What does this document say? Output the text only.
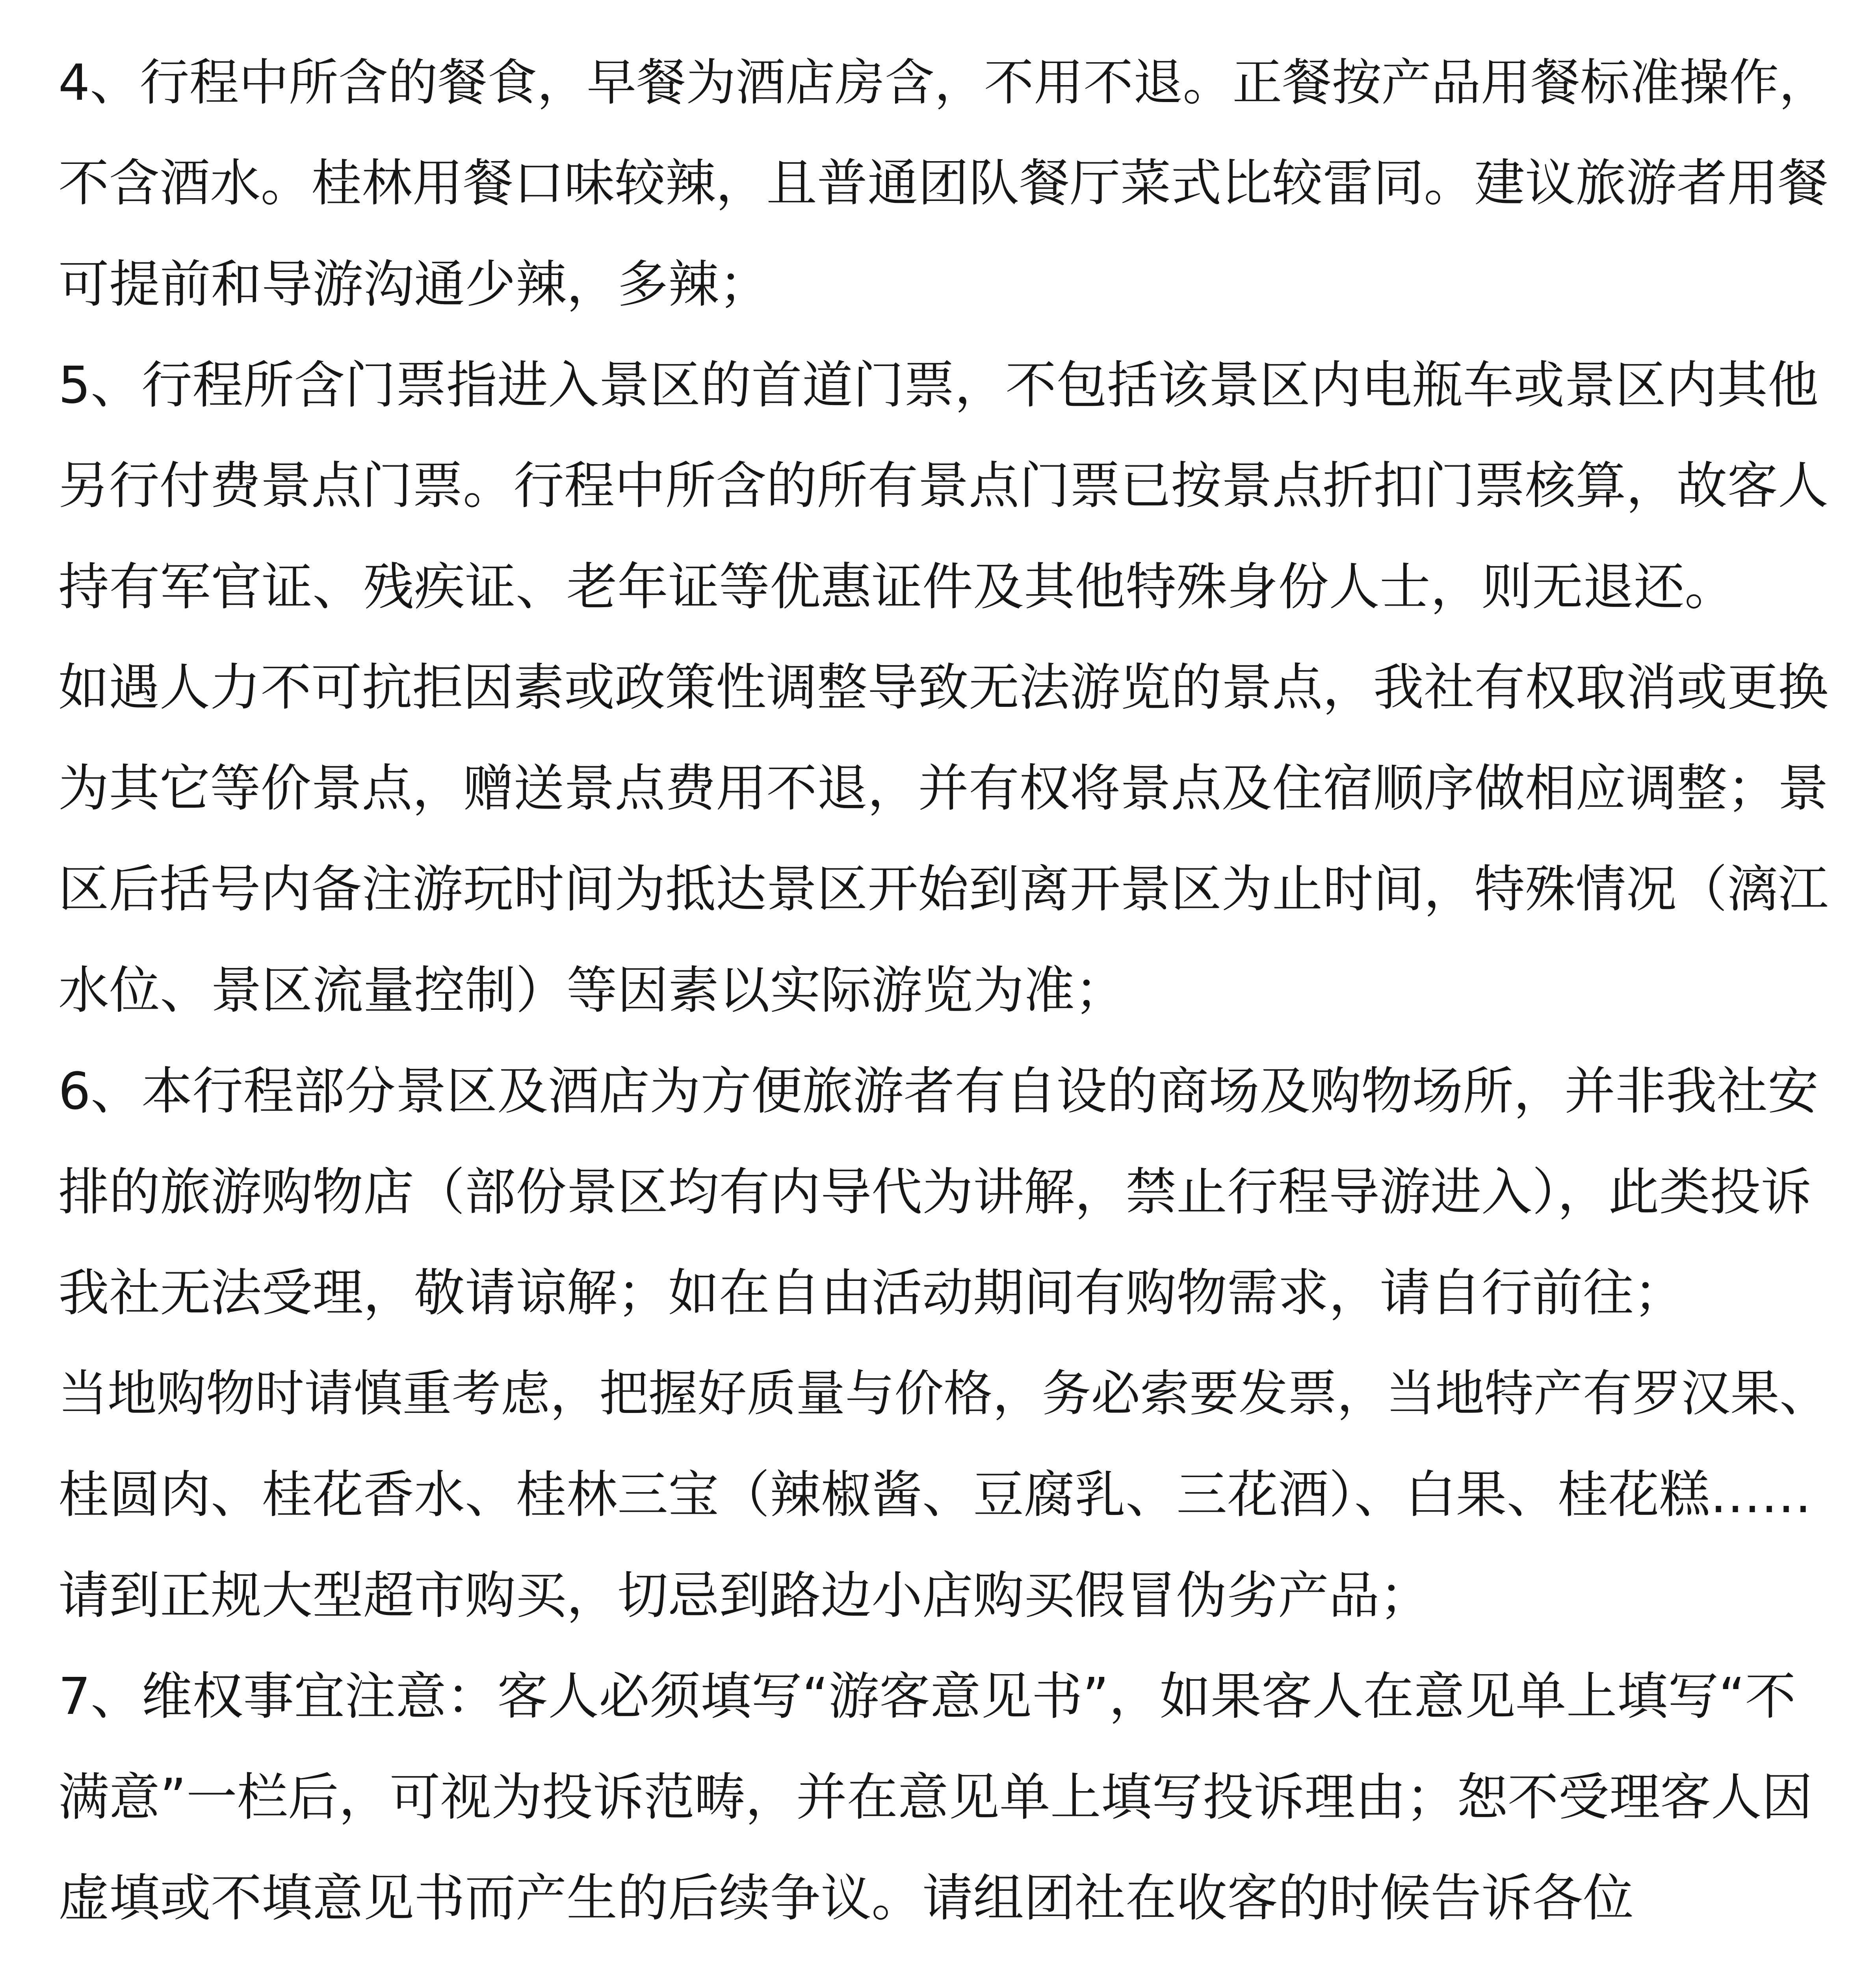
4、行程中所含的餐食，早餐为酒店房含，不用不退。正餐按产品用餐标准操作，
不含酒水。桂林用餐口味较辣，且普通团队餐厅菜式比较雷同。建议旅游者用餐
可提前和导游沟通少辣，多辣；
5、行程所含门票指进入景区的首道门票，不包括该景区内电瓶车或景区内其他
另行付费景点门票。行程中所含的所有景点门票已按景点折扣门票核算，故客人
持有军官证、残疾证、老年证等优惠证件及其他特殊身份人士，则无退还。
如遇人力不可抗拒因素或政策性调整导致无法游览的景点，我社有权取消或更换
为其它等价景点，赠送景点费用不退，并有权将景点及住宿顺序做相应调整；景
区后括号内备注游玩时间为抵达景区开始到离开景区为止时间，特殊情况（漓江
水位、景区流量控制）等因素以实际游览为准；
6、本行程部分景区及酒店为方便旅游者有自设的商场及购物场所，并非我社安
排的旅游购物店（部份景区均有内导代为讲解，禁止行程导游进入），此类投诉
我社无法受理，敬请谅解；如在自由活动期间有购物需求，请自行前往；
当地购物时请慎重考虑，把握好质量与价格，务必索要发票，当地特产有罗汉果、
桂圆肉、桂花香水、桂林三宝（辣椒酱、豆腐乳、三花酒）、白果、桂花糕……
请到正规大型超市购买，切忌到路边小店购买假冒伪劣产品；
7、维权事宜注意：客人必须填写“游客意见书”，如果客人在意见单上填写“不
满意”一栏后，可视为投诉范畴，并在意见单上填写投诉理由；恕不受理客人因
虚填或不填意见书而产生的后续争议。请组团社在收客的时候告诉各位
